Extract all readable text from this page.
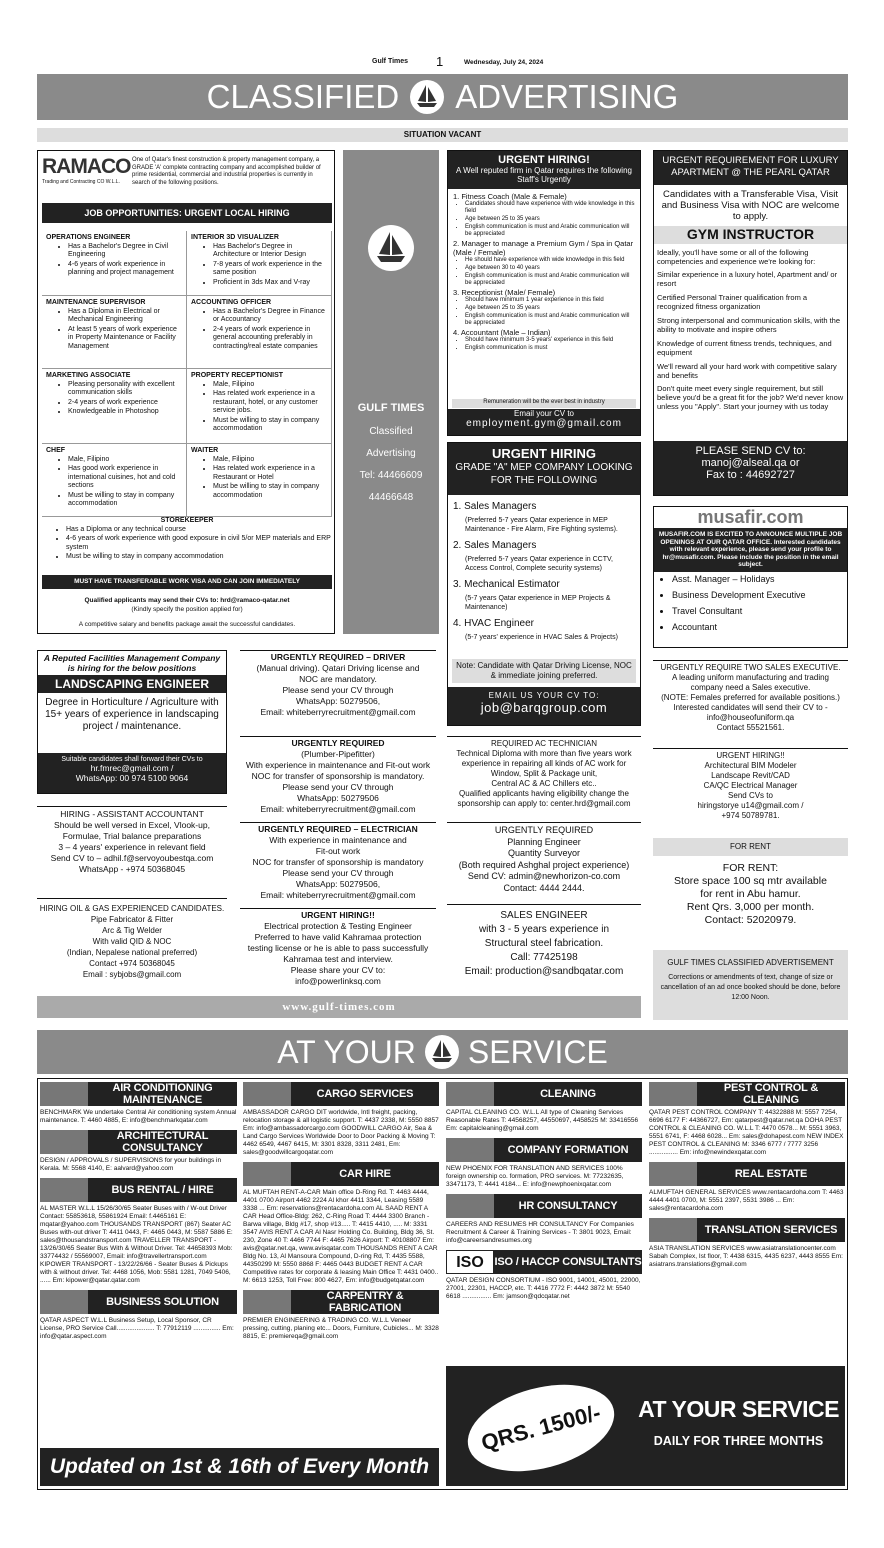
Gulf Times 1	Wednesday, July 24, 2024
CLASSIFIED ADVERTISING
SITUATION VACANT
RAMACO
Trading and Contracting CO W.L.L.
One of Qatar's finest construction & property management company, a GRADE 'A' complete contracting company and accomplished builder of prime residential, commercial and industrial properties is currently in search of the following positions.
JOB OPPORTUNITIES: URGENT LOCAL HIRING
OPERATIONS ENGINEER
• Has a Bachelor's Degree in Civil Engineering
• 4-6 years of work experience in planning and project management
INTERIOR 3D VISUALIZER
• Has Bachelor's Degree in Architecture or Interior Design
• 7-8 years of work experience in the same position
• Proficient in 3ds Max and V-ray
MAINTENANCE SUPERVISOR
• Has a Diploma in Electrical or Mechanical Engineering
• At least 5 years of work experience in Property Maintenance or Facility Management
ACCOUNTING OFFICER
• Has a Bachelor's Degree in Finance or Accountancy
• 2-4 years of work experience in general accounting preferably in contracting/real estate companies
MARKETING ASSOCIATE
• Pleasing personality with excellent communication skills
• 2-4 years of work experience
• Knowledgeable in Photoshop
PROPERTY RECEPTIONIST
• Male, Filipino
• Has related work experience in a restaurant, hotel, or any customer service jobs.
• Must be willing to stay in company accommodation
CHEF
• Male, Filipino
• Has good work experience in international cuisines, hot and cold sections
• Must be willing to stay in company accommodation
WAITER
• Male, Filipino
• Has related work experience in a Restaurant or Hotel
• Must be willing to stay in company accommodation
STOREKEEPER
• Has a Diploma or any technical course
• 4-6 years of work experience with good exposure in civil 5/or MEP materials and ERP system
• Must be willing to stay in company accommodation
MUST HAVE TRANSFERABLE WORK VISA AND CAN JOIN IMMEDIATELY
Qualified applicants may send their CVs to: hrd@ramaco-qatar.net
(Kindly specify the position applied for)
A competitive salary and benefits package await the successful candidates.
GULF TIMES
Classified
Advertising
Tel: 44466609
44466648
URGENT HIRING!
A Well reputed firm in Qatar requires the following Staff's Urgently
1. Fitness Coach (Male & Female)
• Candidates should have experience with wide knowledge in this field
• Age between 25 to 35 years
• English communication is must and Arabic communication will be appreciated
2. Manager to manage a Premium Gym / Spa in Qatar (Male / Female)
• He should have experience with wide knowledge in this field
• Age between 30 to 40 years
• English communication is must and Arabic communication will be appreciated
3. Receptionist (Male/ Female)
• Should have minimum 1 year experience in this field
• Age between 25 to 35 years
• English communication is must and Arabic communication will be appreciated
4. Accountant (Male – Indian)
• Should have minimum 3-5 years' experience in this field
• English communication is must
Remuneration will be the ever best in industry
Email your CV to
employment.gym@gmail.com
URGENT HIRING
GRADE "A" MEP COMPANY LOOKING FOR THE FOLLOWING
1. Sales Managers
(Preferred 5-7 years Qatar experience in MEP Maintenance - Fire Alarm, Fire Fighting systems).
2. Sales Managers
(Preferred 5-7 years Qatar experience in CCTV, Access Control, Complete security systems)
3. Mechanical Estimator
(5-7 years Qatar experience in MEP Projects & Maintenance)
4. HVAC Engineer
(5-7 years' experience in HVAC Sales & Projects)
Note: Candidate with Qatar Driving License, NOC & immediate joining preferred.
EMAIL US YOUR CV TO:
job@barqgroup.com
URGENT REQUIREMENT FOR LUXURY APARTMENT @ THE PEARL QATAR
Candidates with a Transferable Visa, Visit and Business Visa with NOC are welcome to apply.
GYM INSTRUCTOR
Ideally, you'll have some or all of the following competencies and experience we're looking for:
Similar experience in a luxury hotel, Apartment and/ or resort
Certified Personal Trainer qualification from a recognized fitness organization
Strong interpersonal and communication skills, with the ability to motivate and inspire others
Knowledge of current fitness trends, techniques, and equipment
We'll reward all your hard work with competitive salary and benefits
Don't quite meet every single requirement, but still believe you'd be a great fit for the job? We'd never know unless you "Apply". Start your journey with us today
PLEASE SEND CV to:
manoj@alseal.qa or
Fax to : 44692727
musafir.com
MUSAFIR.COM IS EXCITED TO ANNOUNCE MULTIPLE JOB OPENINGS AT OUR QATAR OFFICE. Interested candidates with relevant experience, please send your profile to hr@musafir.com. Please include the position in the email subject.
• Asst. Manager – Holidays
• Business Development Executive
• Travel Consultant
• Accountant
A Reputed Facilities Management Company is hiring for the below positions
LANDSCAPING ENGINEER
Degree in Horticulture / Agriculture with 15+ years of experience in landscaping project / maintenance.
Suitable candidates shall forward their CVs to
hr.fmrec@gmail.com /
WhatsApp: 00 974 5100 9064
URGENTLY REQUIRED – DRIVER
(Manual driving). Qatari Driving license and
NOC are mandatory.
Please send your CV through
WhatsApp: 50279506,
Email: whiteberryrecruitment@gmail.com
URGENTLY REQUIRED
(Plumber-Pipefitter)
With experience in maintenance and Fit-out work
NOC for transfer of sponsorship is mandatory.
Please send your CV through
WhatsApp: 50279506
Email: whiteberryrecruitment@gmail.com
URGENTLY REQUIRED – ELECTRICIAN
With experience in maintenance and
Fit-out work
NOC for transfer of sponsorship is mandatory
Please send your CV through
WhatsApp: 50279506,
Email: whiteberryrecruitment@gmail.com
URGENT HIRING!!
Electrical protection & Testing Engineer
Preferred to have valid Kahramaa protection
testing license or he is able to pass successfully
Kahramaa test and interview.
Please share your CV to:
info@powerlinksq.com
HIRING - ASSISTANT ACCOUNTANT
Should be well versed in Excel, Vlook-up,
Formulae, Trial balance preparations
3 – 4 years' experience in relevant field
Send CV to – adhil.f@servoyoubestqa.com
WhatsApp - +974 50368045
HIRING OIL & GAS EXPERIENCED CANDIDATES.
Pipe Fabricator & Fitter
Arc & Tig Welder
With valid QID & NOC
(Indian, Nepalese national preferred)
Contact +974 50368045
Email : sybjobs@gmail.com
REQUIRED AC TECHNICIAN
Technical Diploma with more than five years work
experience in repairing all kinds of AC work for
Window, Split & Package unit,
Central AC & AC Chillers etc..
Qualified applicants having eligibility change the
sponsorship can apply to: center.hrd@gmail.com
URGENTLY REQUIRED
Planning Engineer
Quantity Surveyor
(Both required Ashghal project experience)
Send CV: admin@newhorizon-co.com
Contact: 4444 2444.
SALES ENGINEER
with 3 - 5 years experience in
Structural steel fabrication.
Call: 77425198
Email: production@sandbqatar.com
URGENTLY REQUIRE TWO SALES EXECUTIVE.
A leading uniform manufacturing and trading
company need a Sales executive.
(NOTE: Females preferred for available positions.)
Interested candidates will send their CV to -
info@houseofuniform.qa
Contact 55521561.
URGENT HIRING!!
Architectural BIM Modeler
Landscape Revit/CAD
CA/QC Electrical Manager
Send CVs to
hiringstorye u14@gmail.com /
+974 50789781.
FOR RENT
FOR RENT:
Store space 100 sq mtr available
for rent in Abu hamur.
Rent Qrs. 3,000 per month.
Contact: 52020979.
GULF TIMES CLASSIFIED ADVERTISEMENT
Corrections or amendments of text, change of size or cancellation of an ad once booked should be done, before 12:00 Noon.
www.gulf-times.com
AT YOUR SERVICE
AIR CONDITIONING MAINTENANCE
BENCHMARK We undertake Central Air conditioning system Annual maintenance. T: 4460 4885, E: info@benchmarkqatar.com
ARCHITECTURAL CONSULTANCY
DESIGN / APPROVALS / SUPERVISIONS for your buildings in Kerala. M: 5568 4140, E: aalvard@yahoo.com
BUS RENTAL / HIRE
AL MASTER W.L.L 15/26/30/65 Seater Buses with / W-out Driver Contact: 55853618, 55861924 Email: f.4465161 E: mqatar@yahoo.com THOUSANDS TRANSPORT (867) Seater AC Buses with-out driver T: 4411 0443, F: 4465 0443, M: 5587 5886 E: sales@thousandstransport.com TRAVELLER TRANSPORT - 13/26/30/65 Seater Bus With & Without Driver. Tel: 44658393 Mob: 33774432 / 55569007, Email: info@travellertransport.com KIPOWER TRANSPORT - 13/22/26/66 - Seater Buses & Pickups with & without driver. Tel: 4468 1056, Mob: 5581 1281, 7049 5406, ...... Em: kipower@qatar.qatar.com
BUSINESS SOLUTION
QATAR ASPECT W.L.L Business Setup, Local Sponsor, CR License, PRO Service Call..................... T: 77912119 ............... Em: info@qatar.aspect.com
CARGO SERVICES
AMBASSADOR CARGO DIT worldwide, Intl freight, packing, relocation storage & all logistic support. T: 4437 2338, M: 5550 8857 Em: info@ambassadorcargo.com GOODWILL CARGO Air, Sea & Land Cargo Services Worldwide Door to Door Packing & Moving T: 4462 6549, 4467 6415, M: 3301 8328, 3311 2481, Em: sales@goodwillcargoqatar.com
CAR HIRE
AL MUFTAH RENT-A-CAR Main office D-Ring Rd. T: 4463 4444, 4401 0700 Airport 4462 2224 Al khor 4411 3344, Leasing 5589 3338 ... Em: reservations@rentacardoha.com AL SAAD RENT A CAR Head Office-Bldg: 262, C-Ring Road T: 4444 3300 Branch - Barwa village, Bldg #17, shop #13..... T: 4415 4410, ..... M: 3331 3547 AVIS RENT A CAR Al Nasr Holding Co. Building, Bldg 36, St. 230, Zone 40 T: 4466 7744 F: 4465 7626 Airport: T: 40108807 Em: avis@qatar.net.qa, www.avisqatar.com THOUSANDS RENT A CAR Bldg No. 13, Al Mansoura Compound, D-ring Rd, T: 4435 5588, 44350299 M: 5550 8868 F: 4465 0443 BUDGET RENT A CAR Competitive rates for corporate & leasing Main Office T: 4431 0400.. M: 6613 1253, Toll Free: 800 4627, Em: info@budgetqatar.com
CARPENTRY & FABRICATION
PREMIER ENGINEERING & TRADING CO. W.L.L Veneer pressing, cutting, planing etc... Doors, Furniture, Cubicles... M: 3328 8815, E: premiereqa@gmail.com
CLEANING
CAPITAL CLEANING CO. W.L.L All type of Cleaning Services Reasonable Rates T: 44568257, 44550697, 4458525 M: 33416556 Em: capitalcleaning@gmail.com
COMPANY FORMATION
NEW PHOENIX FOR TRANSLATION AND SERVICES 100% foreign ownership co. formation, PRO services. M: 77232635, 33471173, T: 4441 4184... E: info@newphoenixqatar.com
HR CONSULTANCY
CAREERS AND RESUMES HR CONSULTANCY For Companies Recruitment & Career & Training Services - T: 3801 9023, Email: info@careersandresumes.org
ISO ISO / HACCP CONSULTANTS
QATAR DESIGN CONSORTIUM - ISO 9001, 14001, 45001, 22000, 27001, 22301, HACCP, etc. T: 4416 7772 F: 4442 3872 M: 5540 6618 ................ Em: jamson@qdcqatar.net
PEST CONTROL & CLEANING
QATAR PEST CONTROL COMPANY T: 44322888 M: 5557 7254, 6696 6177 F: 44366727, Em: qatarpest@qatar.net.qa DOHA PEST CONTROL & CLEANING CO. W.L.L T: 4470 0578... M: 5551 3963, 5551 6741, F: 4468 6028... Em: sales@dohapest.com NEW INDEX PEST CONTROL & CLEANING M: 3346 6777 / 7777 3256 ................ Em: info@newindexqatar.com
REAL ESTATE
ALMUFTAH GENERAL SERVICES www.rentacardoha.com T: 4463 4444 4401 0700, M: 5551 2397, 5531 3986 ... Em: sales@rentacardoha.com
TRANSLATION SERVICES
ASIA TRANSLATION SERVICES www.asiatranslationcenter.com Sabah Complex, Ist floor, T: 4438 6315, 4435 6237, 4443 8555 Em: asiatrans.translations@gmail.com
Updated on 1st & 16th of Every Month
QRS. 1500/-	AT YOUR SERVICE
DAILY FOR THREE MONTHS
